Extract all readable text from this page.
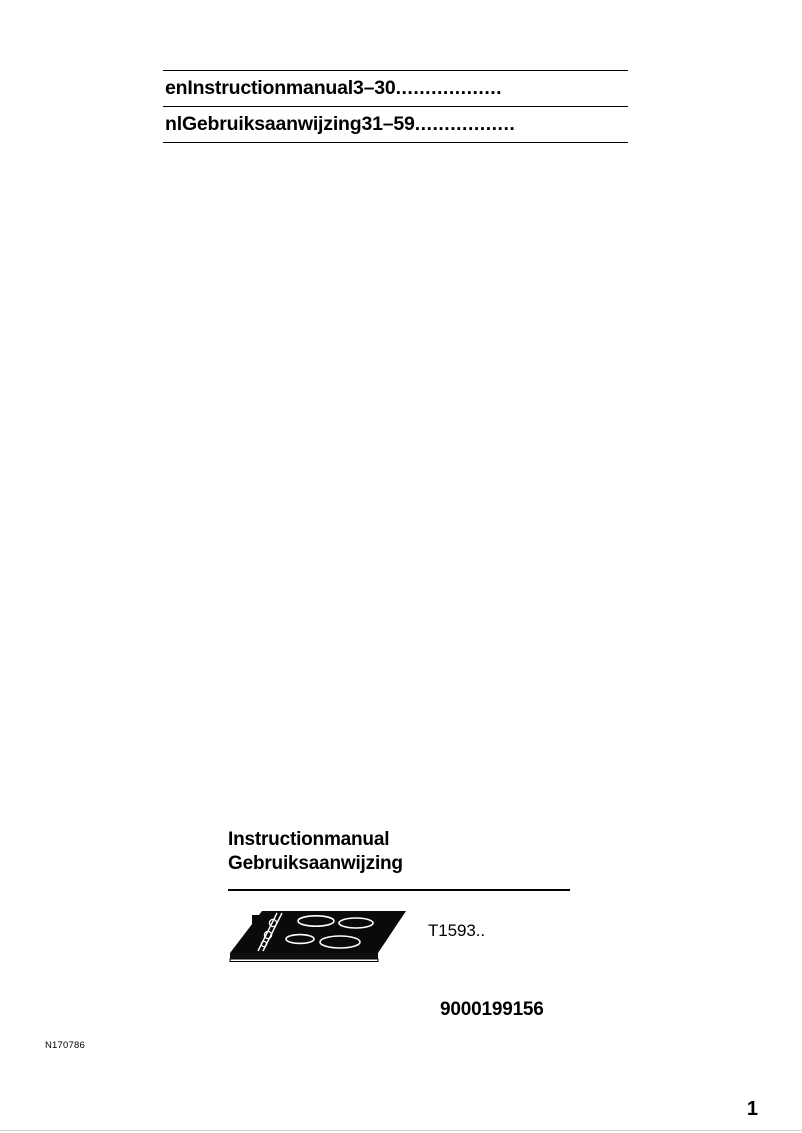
en Instructionmanual 3–30 ..................
nl Gebruiksaanwijzing 31–59 .................
Instructionmanual
Gebruiksaanwijzing
T1593..
9000199156
N170786
1
